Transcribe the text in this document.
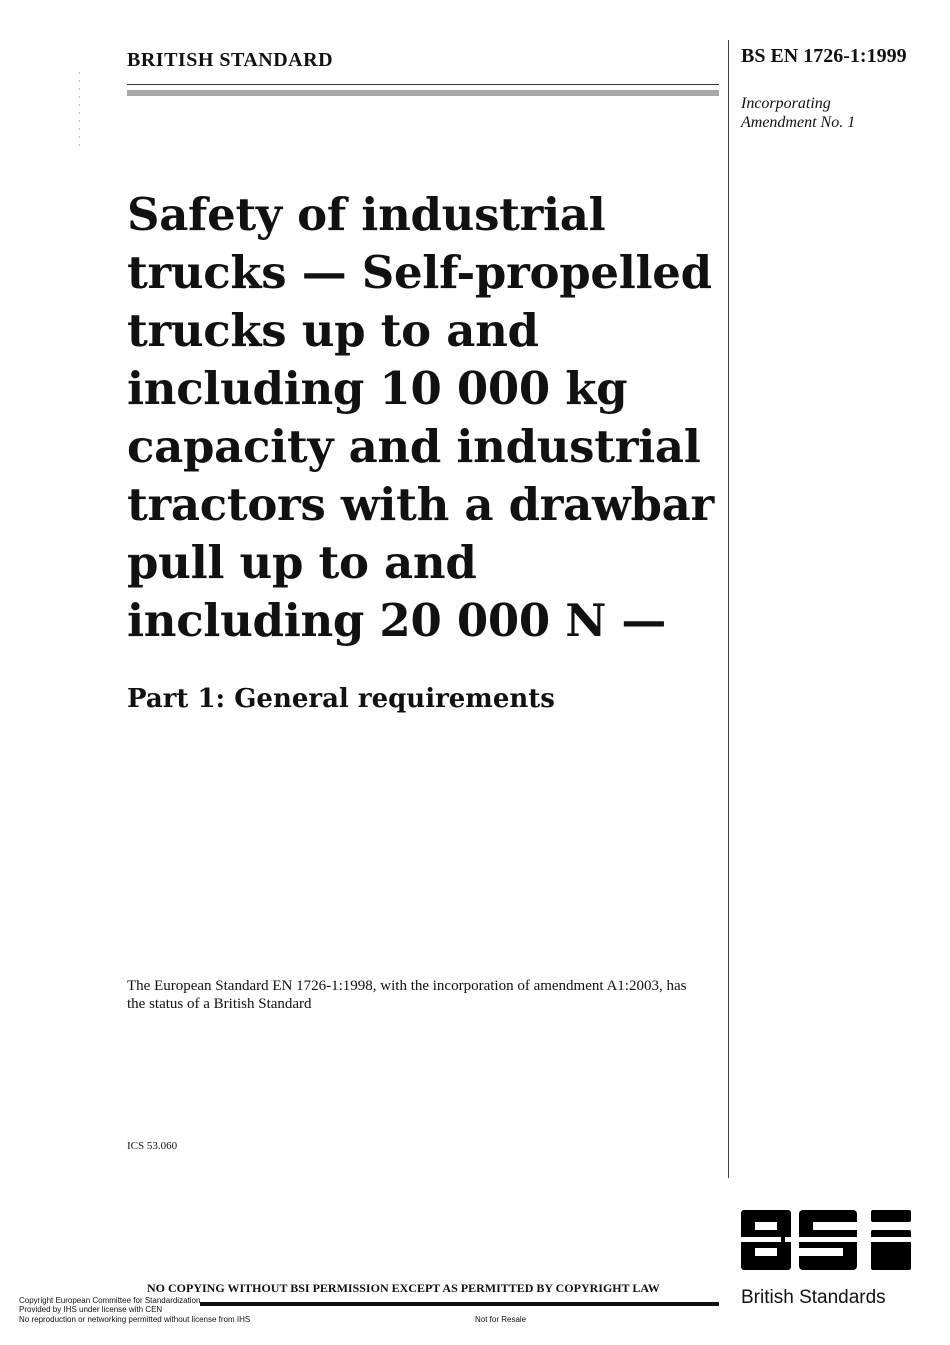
BRITISH STANDARD	BS EN 1726-1:1999
Incorporating
Amendment No. 1
Safety of industrial trucks — Self-propelled trucks up to and including 10 000 kg capacity and industrial tractors with a drawbar pull up to and including 20 000 N —
Part 1: General requirements
The European Standard EN 1726-1:1998, with the incorporation of amendment A1:2003, has the status of a British Standard
ICS 53.060
NO COPYING WITHOUT BSI PERMISSION EXCEPT AS PERMITTED BY COPYRIGHT LAW
Copyright European Committee for Standardization
Provided by IHS under license with CEN
No reproduction or networking permitted without license from IHS	Not for Resale
British Standards
